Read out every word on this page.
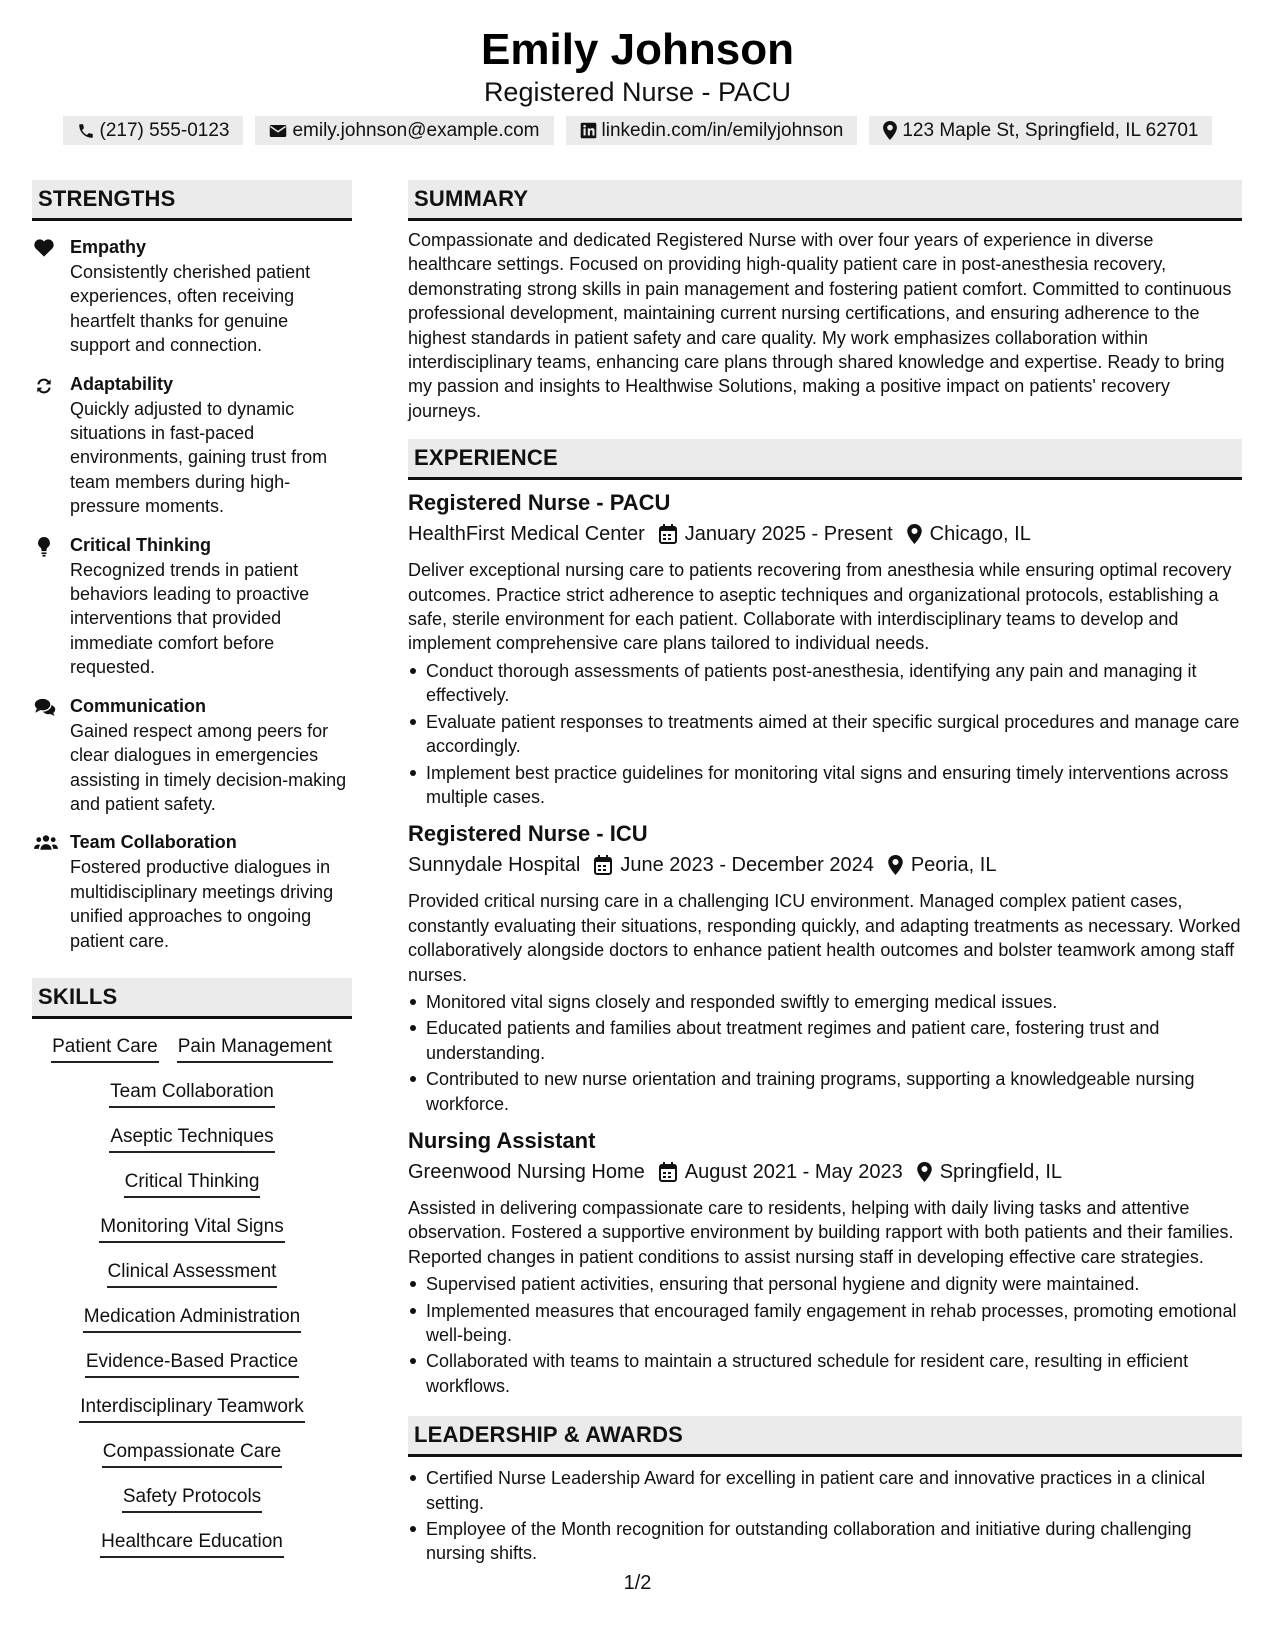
Emily Johnson
Registered Nurse - PACU
(217) 555-0123	emily.johnson@example.com	linkedin.com/in/emilyjohnson	123 Maple St, Springfield, IL 62701
STRENGTHS
Empathy
Consistently cherished patient experiences, often receiving heartfelt thanks for genuine support and connection.
Adaptability
Quickly adjusted to dynamic situations in fast-paced environments, gaining trust from team members during high-pressure moments.
Critical Thinking
Recognized trends in patient behaviors leading to proactive interventions that provided immediate comfort before requested.
Communication
Gained respect among peers for clear dialogues in emergencies assisting in timely decision-making and patient safety.
Team Collaboration
Fostered productive dialogues in multidisciplinary meetings driving unified approaches to ongoing patient care.
SKILLS
Patient Care Pain Management
Team Collaboration
Aseptic Techniques
Critical Thinking
Monitoring Vital Signs
Clinical Assessment
Medication Administration
Evidence-Based Practice
Interdisciplinary Teamwork
Compassionate Care
Safety Protocols
Healthcare Education
SUMMARY
Compassionate and dedicated Registered Nurse with over four years of experience in diverse healthcare settings. Focused on providing high-quality patient care in post-anesthesia recovery, demonstrating strong skills in pain management and fostering patient comfort. Committed to continuous professional development, maintaining current nursing certifications, and ensuring adherence to the highest standards in patient safety and care quality. My work emphasizes collaboration within interdisciplinary teams, enhancing care plans through shared knowledge and expertise. Ready to bring my passion and insights to Healthwise Solutions, making a positive impact on patients' recovery journeys.
EXPERIENCE
Registered Nurse - PACU
HealthFirst Medical Center January 2025 - Present Chicago, IL
Deliver exceptional nursing care to patients recovering from anesthesia while ensuring optimal recovery outcomes. Practice strict adherence to aseptic techniques and organizational protocols, establishing a safe, sterile environment for each patient. Collaborate with interdisciplinary teams to develop and implement comprehensive care plans tailored to individual needs.
Conduct thorough assessments of patients post-anesthesia, identifying any pain and managing it effectively.
Evaluate patient responses to treatments aimed at their specific surgical procedures and manage care accordingly.
Implement best practice guidelines for monitoring vital signs and ensuring timely interventions across multiple cases.
Registered Nurse - ICU
Sunnydale Hospital June 2023 - December 2024 Peoria, IL
Provided critical nursing care in a challenging ICU environment. Managed complex patient cases, constantly evaluating their situations, responding quickly, and adapting treatments as necessary. Worked collaboratively alongside doctors to enhance patient health outcomes and bolster teamwork among staff nurses.
Monitored vital signs closely and responded swiftly to emerging medical issues.
Educated patients and families about treatment regimes and patient care, fostering trust and understanding.
Contributed to new nurse orientation and training programs, supporting a knowledgeable nursing workforce.
Nursing Assistant
Greenwood Nursing Home August 2021 - May 2023 Springfield, IL
Assisted in delivering compassionate care to residents, helping with daily living tasks and attentive observation. Fostered a supportive environment by building rapport with both patients and their families. Reported changes in patient conditions to assist nursing staff in developing effective care strategies.
Supervised patient activities, ensuring that personal hygiene and dignity were maintained.
Implemented measures that encouraged family engagement in rehab processes, promoting emotional well-being.
Collaborated with teams to maintain a structured schedule for resident care, resulting in efficient workflows.
LEADERSHIP & AWARDS
Certified Nurse Leadership Award for excelling in patient care and innovative practices in a clinical setting.
Employee of the Month recognition for outstanding collaboration and initiative during challenging nursing shifts.
1/2
